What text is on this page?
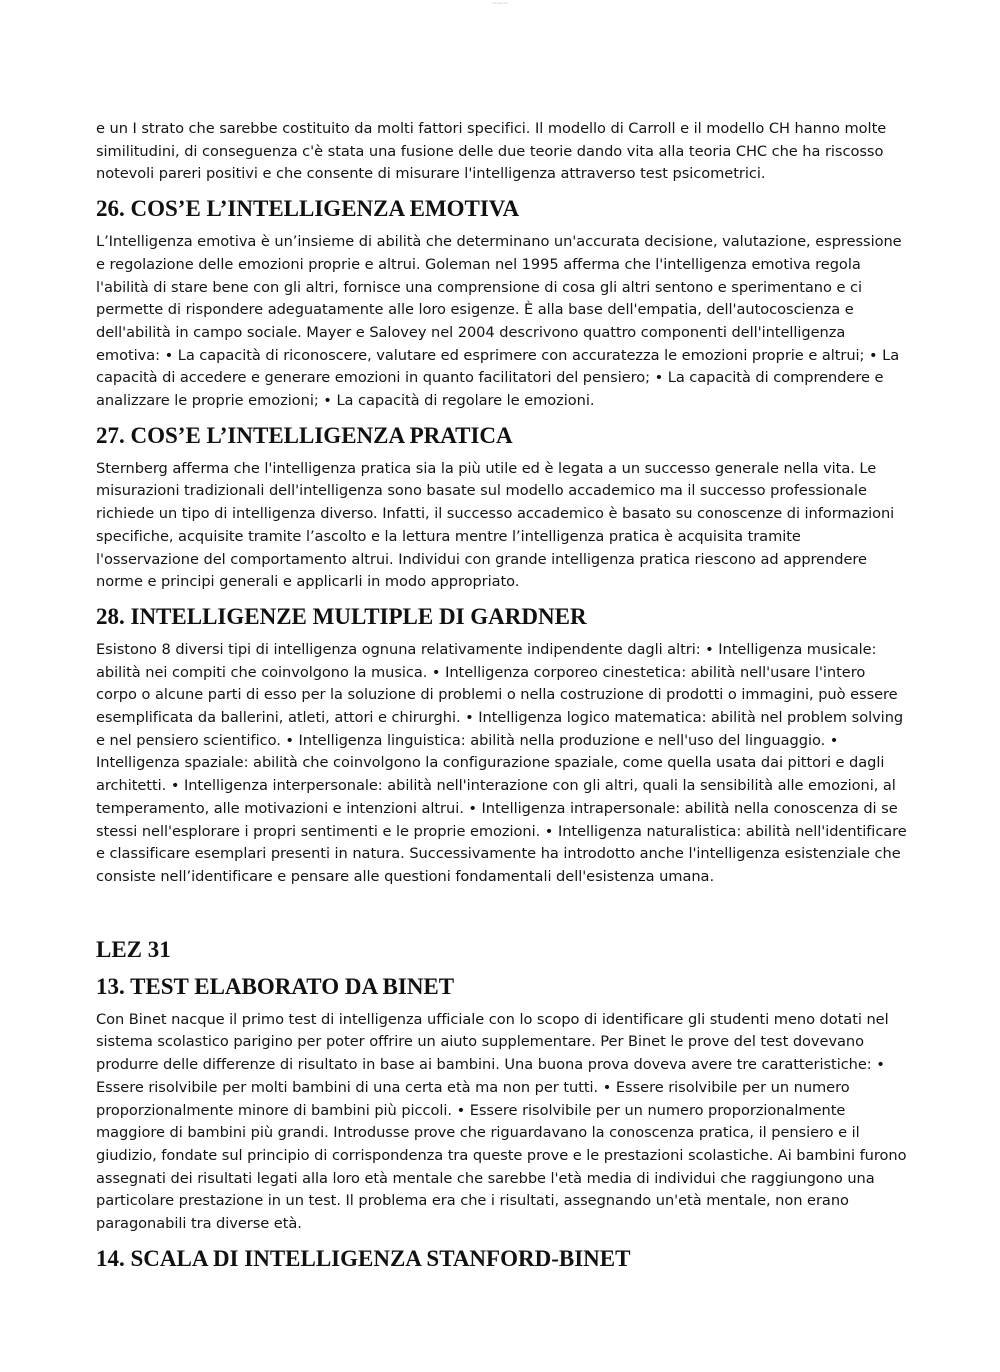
ma ma ma

e un I strato che sarebbe costituito da molti fattori specifici. Il modello di Carroll e il modello CH hanno molte similitudini, di conseguenza c'è stata una fusione delle due teorie dando vita alla teoria CHC che ha riscosso notevoli pareri positivi e che consente di misurare l'intelligenza attraverso test psicometrici.

26. COS’E L’INTELLIGENZA EMOTIVA

L’Intelligenza emotiva è un’insieme di abilità che determinano un'accurata decisione, valutazione, espressione e regolazione delle emozioni proprie e altrui. Goleman nel 1995 afferma che l'intelligenza emotiva regola l'abilità di stare bene con gli altri, fornisce una comprensione di cosa gli altri sentono e sperimentano e ci permette di rispondere adeguatamente alle loro esigenze. È alla base dell'empatia, dell'autocoscienza e dell'abilità in campo sociale. Mayer e Salovey nel 2004 descrivono quattro componenti dell'intelligenza emotiva: • La capacità di riconoscere, valutare ed esprimere con accuratezza le emozioni proprie e altrui; • La capacità di accedere e generare emozioni in quanto facilitatori del pensiero; • La capacità di comprendere e analizzare le proprie emozioni; • La capacità di regolare le emozioni.

27. COS’E L’INTELLIGENZA PRATICA

Sternberg afferma che l'intelligenza pratica sia la più utile ed è legata a un successo generale nella vita. Le misurazioni tradizionali dell'intelligenza sono basate sul modello accademico ma il successo professionale richiede un tipo di intelligenza diverso. Infatti, il successo accademico è basato su conoscenze di informazioni specifiche, acquisite tramite l’ascolto e la lettura mentre l’intelligenza pratica è acquisita tramite l'osservazione del comportamento altrui. Individui con grande intelligenza pratica riescono ad apprendere norme e principi generali e applicarli in modo appropriato.

28. INTELLIGENZE MULTIPLE DI GARDNER

Esistono 8 diversi tipi di intelligenza ognuna relativamente indipendente dagli altri: • Intelligenza musicale: abilità nei compiti che coinvolgono la musica. • Intelligenza corporeo cinestetica: abilità nell'usare l'intero corpo o alcune parti di esso per la soluzione di problemi o nella costruzione di prodotti o immagini, può essere esemplificata da ballerini, atleti, attori e chirurghi. • Intelligenza logico matematica: abilità nel problem solving e nel pensiero scientifico. • Intelligenza linguistica: abilità nella produzione e nell'uso del linguaggio. • Intelligenza spaziale: abilità che coinvolgono la configurazione spaziale, come quella usata dai pittori e dagli architetti. • Intelligenza interpersonale: abilità nell'interazione con gli altri, quali la sensibilità alle emozioni, al temperamento, alle motivazioni e intenzioni altrui. • Intelligenza intrapersonale: abilità nella conoscenza di se stessi nell'esplorare i propri sentimenti e le proprie emozioni. • Intelligenza naturalistica: abilità nell'identificare e classificare esemplari presenti in natura. Successivamente ha introdotto anche l'intelligenza esistenziale che consiste nell’identificare e pensare alle questioni fondamentali dell'esistenza umana.

LEZ 31
13. TEST ELABORATO DA BINET

Con Binet nacque il primo test di intelligenza ufficiale con lo scopo di identificare gli studenti meno dotati nel sistema scolastico parigino per poter offrire un aiuto supplementare. Per Binet le prove del test dovevano produrre delle differenze di risultato in base ai bambini. Una buona prova doveva avere tre caratteristiche: • Essere risolvibile per molti bambini di una certa età ma non per tutti. • Essere risolvibile per un numero proporzionalmente minore di bambini più piccoli. • Essere risolvibile per un numero proporzionalmente maggiore di bambini più grandi. Introdusse prove che riguardavano la conoscenza pratica, il pensiero e il giudizio, fondate sul principio di corrispondenza tra queste prove e le prestazioni scolastiche. Ai bambini furono assegnati dei risultati legati alla loro età mentale che sarebbe l'età media di individui che raggiungono una particolare prestazione in un test. Il problema era che i risultati, assegnando un'età mentale, non erano paragonabili tra diverse età.

14. SCALA DI INTELLIGENZA STANFORD-BINET
